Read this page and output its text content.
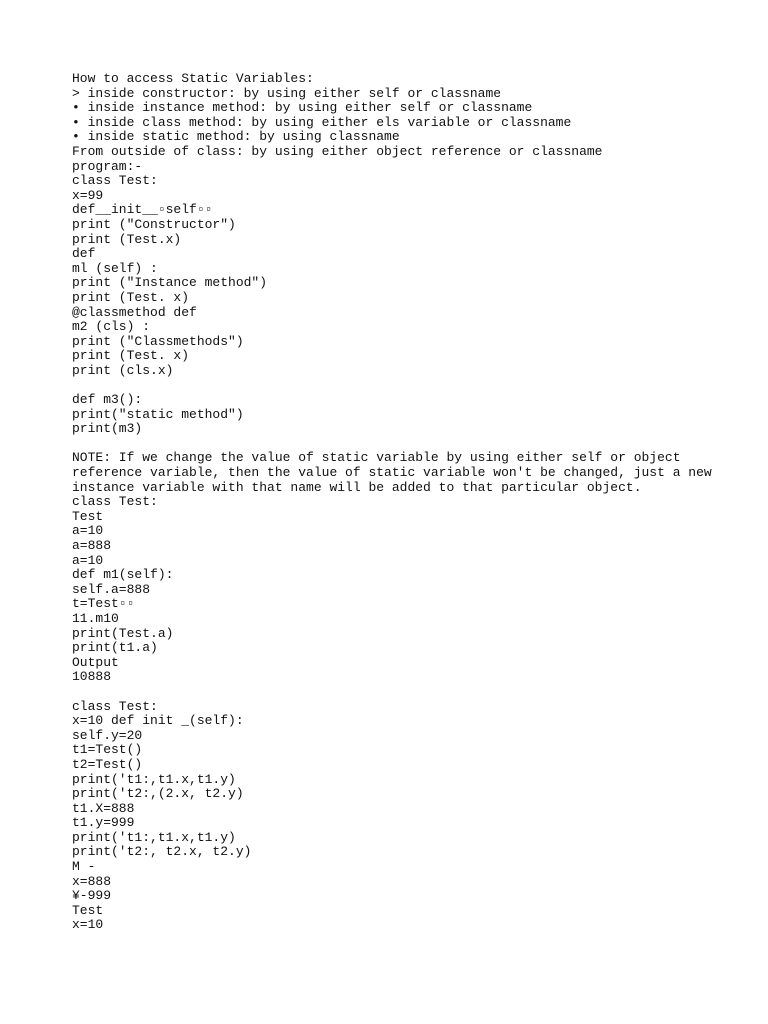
How to access Static Variables:
> inside constructor: by using either self or classname
• inside instance method: by using either self or classname
• inside class method: by using either els variable or classname
• inside static method: by using classname
From outside of class: by using either object reference or classname
program:-
class Test:
x=99
def__init__▫self▫▫
print ("Constructor")
print (Test.x)
def
ml (self) :
print ("Instance method")
print (Test. x)
@classmethod def
m2 (cls) :
print ("Classmethods")
print (Test. x)
print (cls.x)
def m3():
print("static method")
print(m3)
NOTE: If we change the value of static variable by using either self or object
reference variable, then the value of static variable won't be changed, just a new
instance variable with that name will be added to that particular object.
class Test:
Test
a=10
a=888
a=10
def m1(self):
self.a=888
t=Test▫▫
11.m10
print(Test.a)
print(t1.a)
Output
10888
class Test:
x=10 def init _(self):
self.y=20
t1=Test()
t2=Test()
print('t1:,t1.x,t1.y)
print('t2:,(2.x, t2.y)
t1.X=888
t1.y=999
print('t1:,t1.x,t1.y)
print('t2:, t2.x, t2.y)
M -
x=888
¥-999
Test
x=10
